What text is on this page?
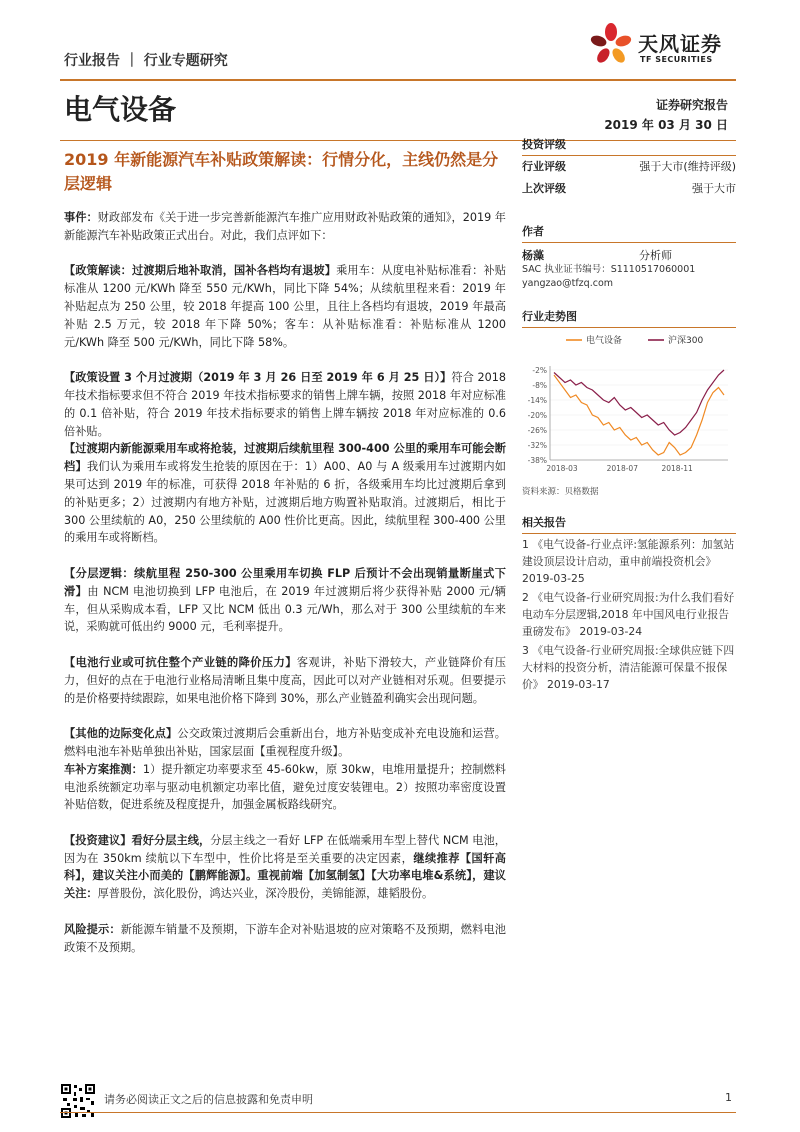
行业报告 ｜ 行业专题研究
天风证券
TF SECURITIES
电气设备	证券研究报告
2019 年 03 月 30 日
2019 年新能源汽车补贴政策解读：行情分化，主线仍然是分层逻辑

事件：财政部发布《关于进一步完善新能源汽车推广应用财政补贴政策的通知》，2019 年新能源汽车补贴政策正式出台。对此，我们点评如下：

【政策解读：过渡期后地补取消，国补各档均有退坡】乘用车：从度电补贴标准看：补贴标准从 1200 元/KWh 降至 550 元/KWh，同比下降 54%；从续航里程来看：2019 年补贴起点为 250 公里，较 2018 年提高 100 公里，且往上各档均有退坡，2019 年最高补贴 2.5 万元，较 2018 年下降 50%；客车：从补贴标准看：补贴标准从 1200 元/KWh 降至 500 元/KWh，同比下降 58%。

【政策设置 3 个月过渡期（2019 年 3 月 26 日至 2019 年 6 月 25 日）】符合 2018 年技术指标要求但不符合 2019 年技术指标要求的销售上牌车辆，按照 2018 年对应标准的 0.1 倍补贴，符合 2019 年技术指标要求的销售上牌车辆按 2018 年对应标准的 0.6 倍补贴。

【过渡期内新能源乘用车或将抢装，过渡期后续航里程 300-400 公里的乘用车可能会断档】我们认为乘用车或将发生抢装的原因在于：1）A00、A0 与 A 级乘用车过渡期内如果可达到 2019 年的标准，可获得 2018 年补贴的 6 折，各级乘用车均比过渡期后拿到的补贴更多；2）过渡期内有地方补贴，过渡期后地方购置补贴取消。过渡期后，相比于 300 公里续航的 A0，250 公里续航的 A00 性价比更高。因此，续航里程 300-400 公里的乘用车或将断档。

【分层逻辑：续航里程 250-300 公里乘用车切换 FLP 后预计不会出现销量断崖式下滑】由 NCM 电池切换到 LFP 电池后，在 2019 年过渡期后将少获得补贴 2000 元/辆车，但从采购成本看，LFP 又比 NCM 低出 0.3 元/Wh，那么对于 300 公里续航的车来说，采购就可低出约 9000 元，毛利率提升。

【电池行业或可抗住整个产业链的降价压力】客观讲，补贴下滑较大，产业链降价有压力，但好的点在于电池行业格局清晰且集中度高，因此可以对产业链相对乐观。但要提示的是价格要持续跟踪，如果电池价格下降到 30%，那么产业链盈利确实会出现问题。

【其他的边际变化点】公交政策过渡期后会重新出台，地方补贴变成补充电设施和运营。燃料电池车补贴单独出补贴，国家层面【重视程度升级】。

车补方案推测：1）提升额定功率要求至 45-60kw，原 30kw，电堆用量提升；控制燃料电池系统额定功率与驱动电机额定功率比值，避免过度安装锂电。2）按照功率密度设置补贴倍数，促进系统及程度提升，加强金属板路线研究。

【投资建议】看好分层主线，分层主线之一看好 LFP 在低端乘用车型上替代 NCM 电池，因为在 350km 续航以下车型中，性价比将是至关重要的决定因素，继续推荐【国轩高科】，建议关注小而美的【鹏辉能源】。重视前端【加氢制氢】【大功率电堆&系统】，建议关注：厚普股份，滨化股份，鸿达兴业，深冷股份，美锦能源，雄韬股份。

风险提示：新能源车销量不及预期，下游车企对补贴退坡的应对策略不及预期，燃料电池政策不及预期。

投资评级
行业评级	强于大市(维持评级)
上次评级	强于大市
作者
杨藻	分析师
SAC 执业证书编号：S1110517060001
yangzao@tfzq.com
行业走势图
电气设备	沪深300
-2%
-8%
-14%
-20%
-26%
-32%
-38%
2018-03	2018-07	2018-11
资料来源：贝格数据
相关报告
1 《电气设备-行业点评:氢能源系列：加氢站建设顶层设计启动，重申前端投资机会》 2019-03-25
2 《电气设备-行业研究周报:为什么我们看好电动车分层逻辑,2018 年中国风电行业报告重磅发布》 2019-03-24
3 《电气设备-行业研究周报:全球供应链下四大材料的投资分析，清洁能源可保量不报保价》 2019-03-17
请务必阅读正文之后的信息披露和免责申明	1
